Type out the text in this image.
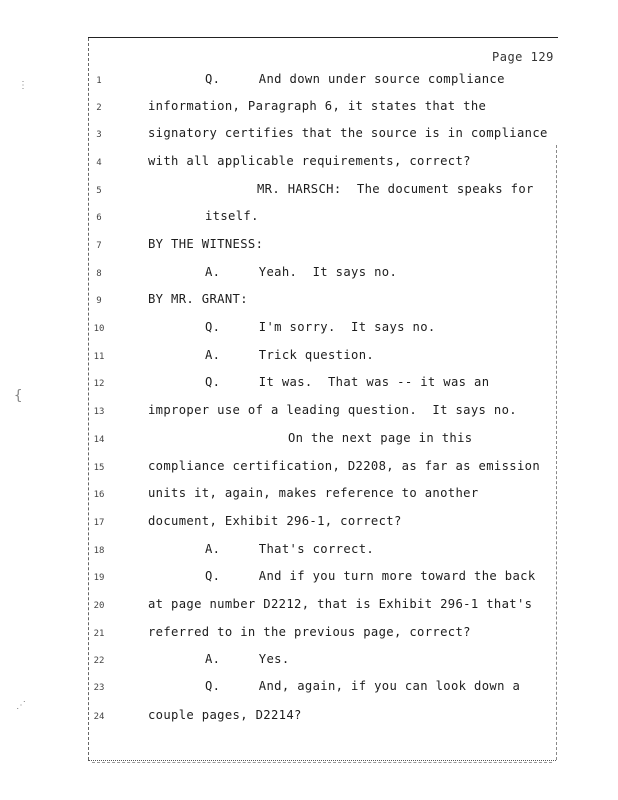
Page 129
⋮
{
⋰
1	Q.     And down under source compliance
2	information, Paragraph 6, it states that the
3	signatory certifies that the source is in compliance
4	with all applicable requirements, correct?
5	MR. HARSCH:  The document speaks for
6	itself.
7	BY THE WITNESS:
8	A.     Yeah.  It says no.
9	BY MR. GRANT:
10	Q.     I'm sorry.  It says no.
11	A.     Trick question.
12	Q.     It was.  That was -- it was an
13	improper use of a leading question.  It says no.
14	On the next page in this
15	compliance certification, D2208, as far as emission
16	units it, again, makes reference to another
17	document, Exhibit 296-1, correct?
18	A.     That's correct.
19	Q.     And if you turn more toward the back
20	at page number D2212, that is Exhibit 296-1 that's
21	referred to in the previous page, correct?
22	A.     Yes.
23	Q.     And, again, if you can look down a
24	couple pages, D2214?
